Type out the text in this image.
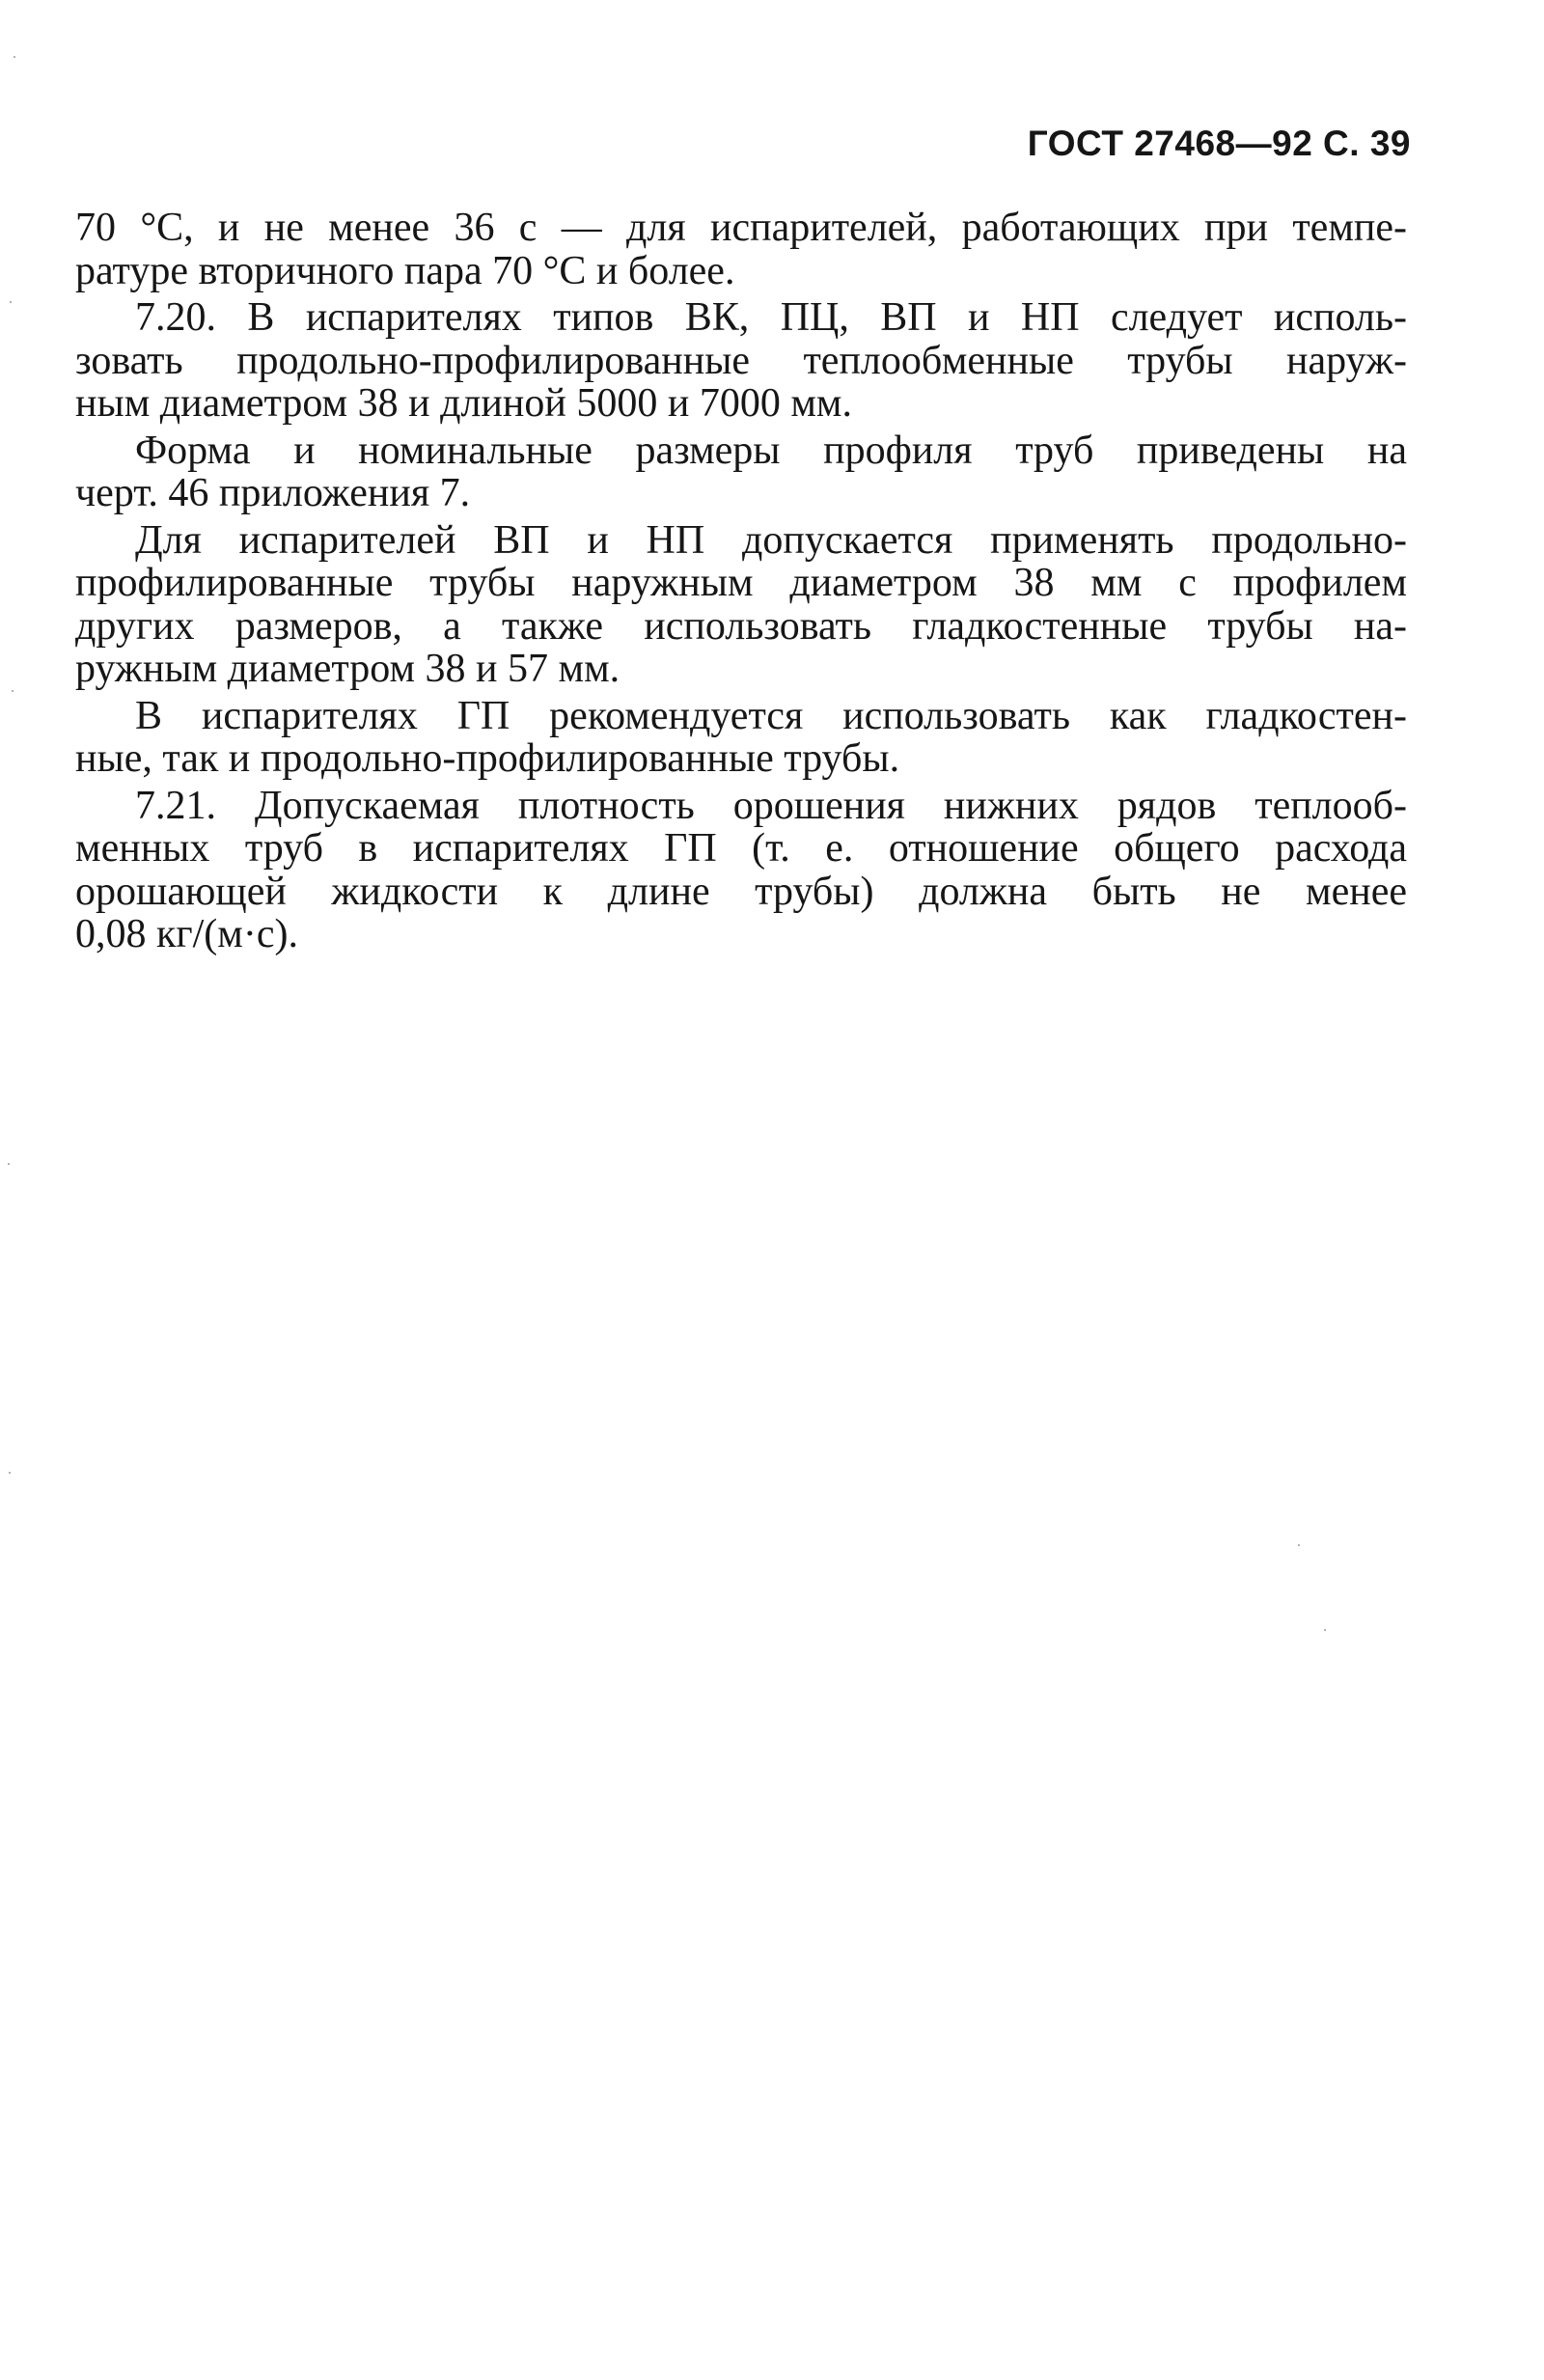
ГОСТ 27468—92 С. 39
70 °С, и не менее 36 с — для испарителей, работающих при темпе-
ратуре вторичного пара 70 °С и более.
7.20. В испарителях типов ВК, ПЦ, ВП и НП следует исполь-
зовать продольно-профилированные теплообменные трубы наруж-
ным диаметром 38 и длиной 5000 и 7000 мм.
Форма и номинальные размеры профиля труб приведены на
черт. 46 приложения 7.
Для испарителей ВП и НП допускается применять продольно-
профилированные трубы наружным диаметром 38 мм с профилем
других размеров, а также использовать гладкостенные трубы на-
ружным диаметром 38 и 57 мм.
В испарителях ГП рекомендуется использовать как гладкостен-
ные, так и продольно-профилированные трубы.
7.21. Допускаемая плотность орошения нижних рядов теплооб-
менных труб в испарителях ГП (т. е. отношение общего расхода
орошающей жидкости к длине трубы) должна быть не менее
0,08 кг/(м·с).
